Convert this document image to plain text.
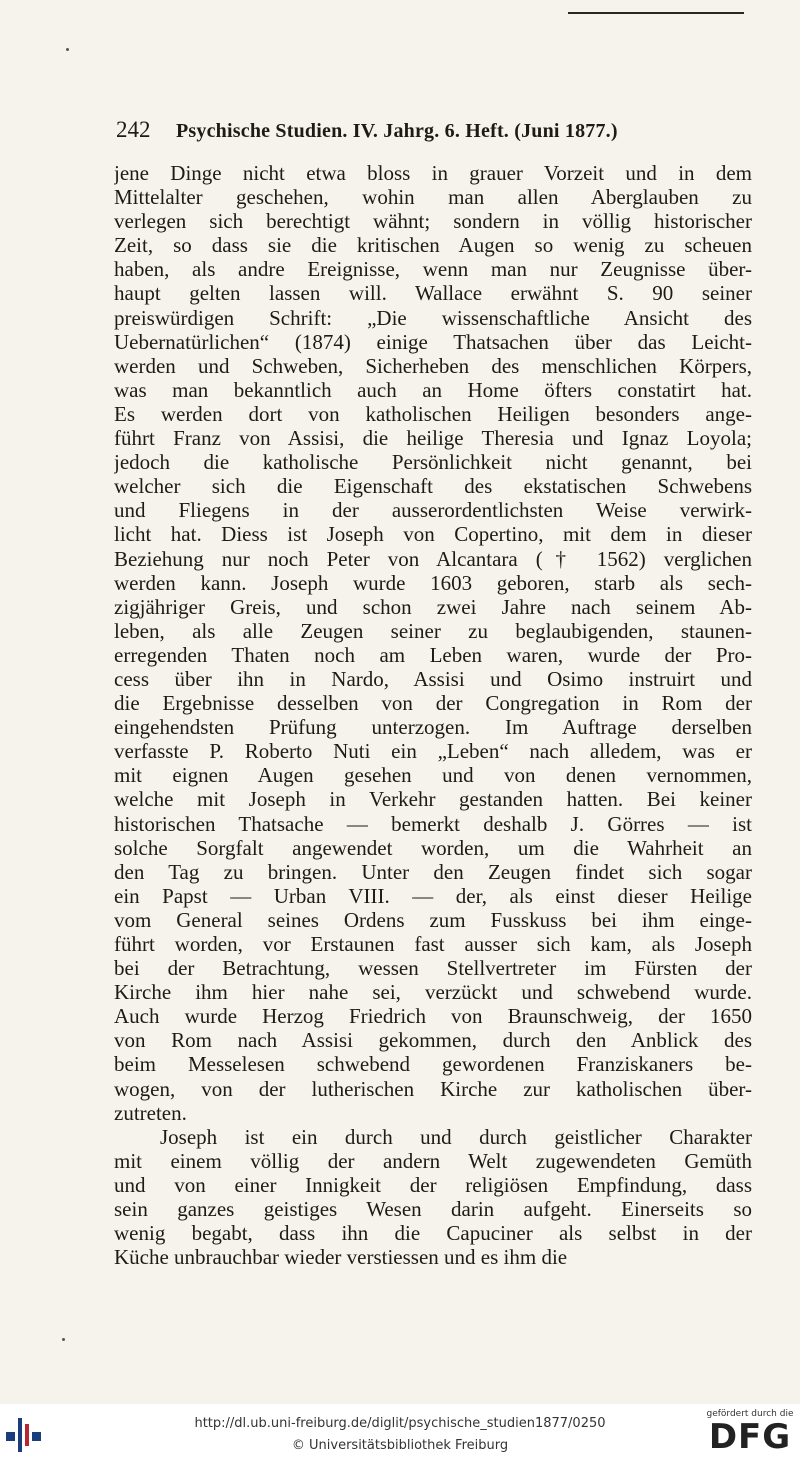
242	Psychische Studien. IV. Jahrg. 6. Heft. (Juni 1877.)
jene Dinge nicht etwa bloss in grauer Vorzeit und in dem
Mittelalter geschehen, wohin man allen Aberglauben zu
verlegen sich berechtigt wähnt; sondern in völlig historischer
Zeit, so dass sie die kritischen Augen so wenig zu scheuen
haben, als andre Ereignisse, wenn man nur Zeugnisse über-
haupt gelten lassen will. Wallace erwähnt S. 90 seiner
preiswürdigen Schrift: „Die wissenschaftliche Ansicht des
Uebernatürlichen“ (1874) einige Thatsachen über das Leicht-
werden und Schweben, Sicherheben des menschlichen Körpers,
was man bekanntlich auch an Home öfters constatirt hat.
Es werden dort von katholischen Heiligen besonders ange-
führt Franz von Assisi, die heilige Theresia und Ignaz Loyola;
jedoch die katholische Persönlichkeit nicht genannt, bei
welcher sich die Eigenschaft des ekstatischen Schwebens
und Fliegens in der ausserordentlichsten Weise verwirk-
licht hat. Diess ist Joseph von Copertino, mit dem in dieser
Beziehung nur noch Peter von Alcantara († 1562) verglichen
werden kann. Joseph wurde 1603 geboren, starb als sech-
zigjähriger Greis, und schon zwei Jahre nach seinem Ab-
leben, als alle Zeugen seiner zu beglaubigenden, staunen-
erregenden Thaten noch am Leben waren, wurde der Pro-
cess über ihn in Nardo, Assisi und Osimo instruirt und
die Ergebnisse desselben von der Congregation in Rom der
eingehendsten Prüfung unterzogen. Im Auftrage derselben
verfasste P. Roberto Nuti ein „Leben“ nach alledem, was er
mit eignen Augen gesehen und von denen vernommen,
welche mit Joseph in Verkehr gestanden hatten. Bei keiner
historischen Thatsache — bemerkt deshalb J. Görres — ist
solche Sorgfalt angewendet worden, um die Wahrheit an
den Tag zu bringen. Unter den Zeugen findet sich sogar
ein Papst — Urban VIII. — der, als einst dieser Heilige
vom General seines Ordens zum Fusskuss bei ihm einge-
führt worden, vor Erstaunen fast ausser sich kam, als Joseph
bei der Betrachtung, wessen Stellvertreter im Fürsten der
Kirche ihm hier nahe sei, verzückt und schwebend wurde.
Auch wurde Herzog Friedrich von Braunschweig, der 1650
von Rom nach Assisi gekommen, durch den Anblick des
beim Messelesen schwebend gewordenen Franziskaners be-
wogen, von der lutherischen Kirche zur katholischen über-
zutreten.
Joseph ist ein durch und durch geistlicher Charakter
mit einem völlig der andern Welt zugewendeten Gemüth
und von einer Innigkeit der religiösen Empfindung, dass
sein ganzes geistiges Wesen darin aufgeht. Einerseits so
wenig begabt, dass ihn die Capuciner als selbst in der
Küche unbrauchbar wieder verstiessen und es ihm die
http://dl.ub.uni-freiburg.de/diglit/psychische_studien1877/0250
© Universitätsbibliothek Freiburg
gefördert durch die
DFG
